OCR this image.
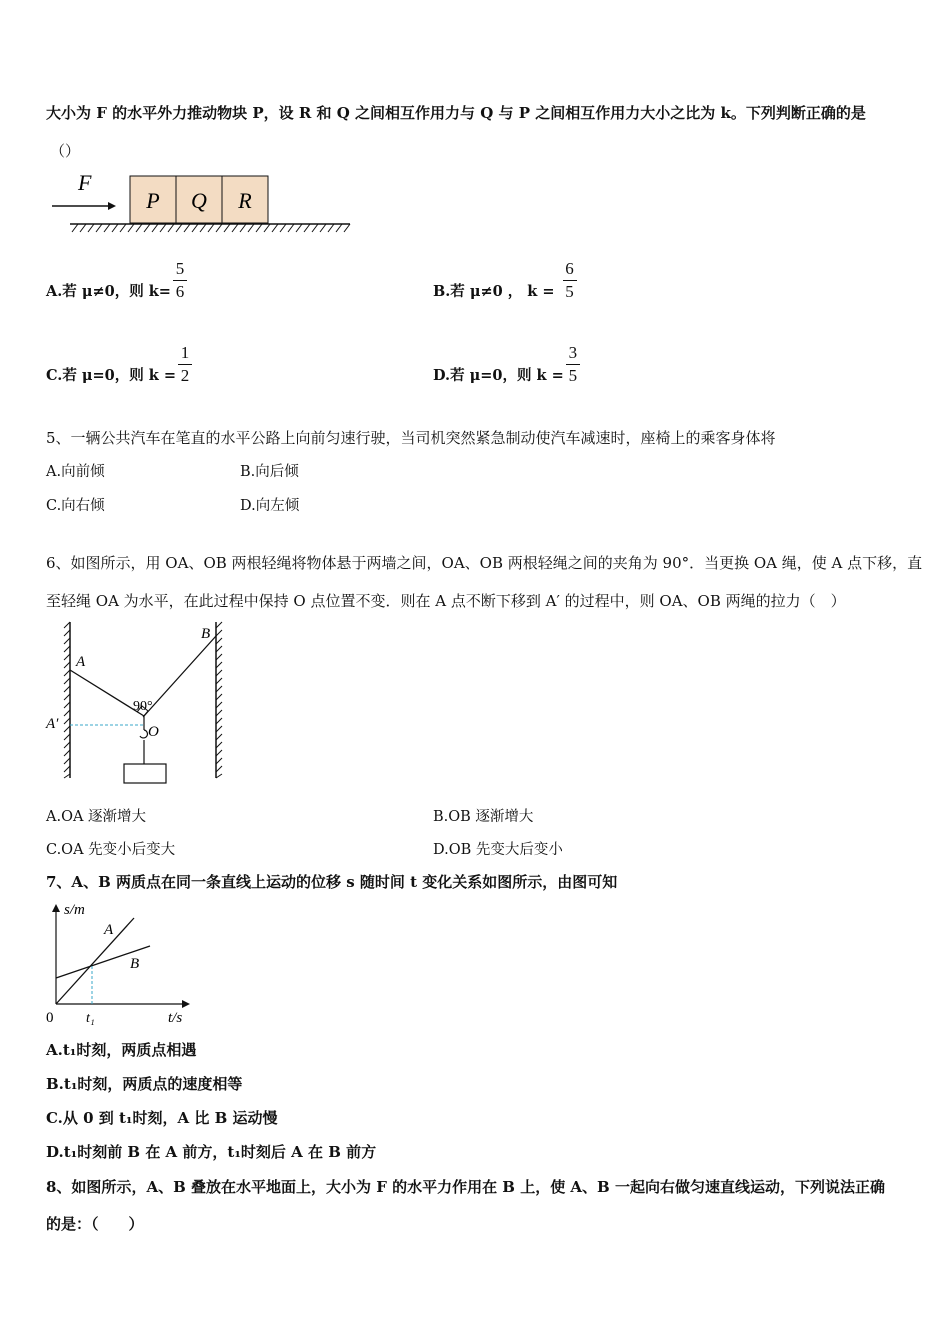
大小为 F 的水平外力推动物块 P，设 R 和 Q 之间相互作用力与 Q 与 P 之间相互作用力大小之比为 k。下列判断正确的是
（）
F
P Q R
A.若 μ≠0，则 $k= \frac{5}{6}$	B.若 μ≠0 ， $k = \frac{6}{5}$
C.若 μ=0，则 $k = \frac{1}{2}$	D.若 μ=0，则 $k = \frac{3}{5}$
5、一辆公共汽车在笔直的水平公路上向前匀速行驶，当司机突然紧急制动使汽车减速时，座椅上的乘客身体将
A.向前倾	B.向后倾
C.向右倾	D.向左倾
6、如图所示，用 OA、OB 两根轻绳将物体悬于两墙之间，OA、OB 两根轻绳之间的夹角为 90°．当更换 OA 绳，使 A 点下移，直
至轻绳 OA 为水平，在此过程中保持 O 点位置不变．则在 A 点不断下移到 A′ 的过程中，则 OA、OB 两绳的拉力（　）
A
A′
B
O
90°
A.OA 逐渐增大	B.OB 逐渐增大
C.OA 先变小后变大	D.OB 先变大后变小
7、A、B 两质点在同一条直线上运动的位移 s 随时间 t 变化关系如图所示，由图可知
s/m
t/s
0 t₁
A
B
A.t₁时刻，两质点相遇
B.t₁时刻，两质点的速度相等
C.从 0 到 t₁时刻，A 比 B 运动慢
D.t₁时刻前 B 在 A 前方，t₁时刻后 A 在 B 前方
8、如图所示，A、B 叠放在水平地面上，大小为 F 的水平力作用在 B 上，使 A、B 一起向右做匀速直线运动，下列说法正确
的是：（　　）
